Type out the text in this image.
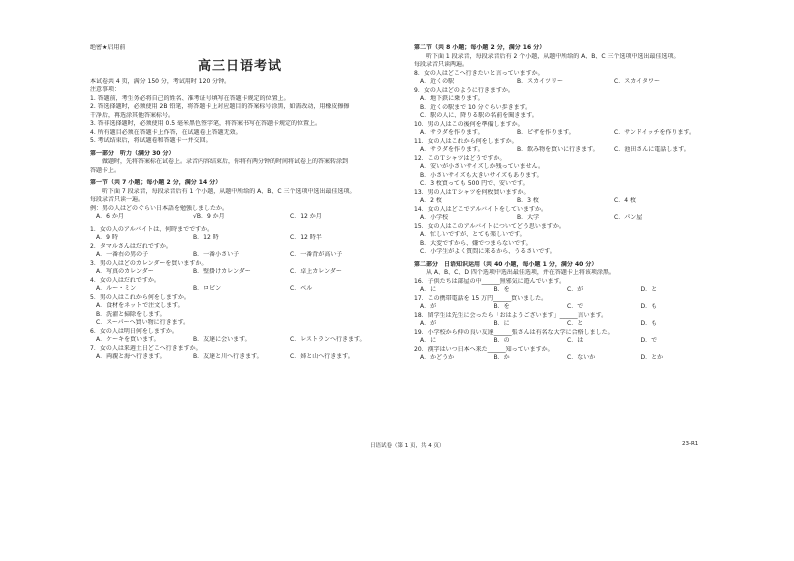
绝密★启用前
高三日语考试
本试卷共 4 页，满分 150 分，考试用时 120 分钟。
注意事项：
1. 答题前，考生务必将自己的姓名、准考证号填写在答题卡规定的位置上。
2. 答选择题时，必须使用 2B 铅笔，将答题卡上对应题目的答案标号涂黑，如需改动，用橡皮擦擦
干净后，再选涂其他答案标号。
3. 答非选择题时，必须使用 0.5 毫米黑色签字笔，将答案书写在答题卡规定的位置上。
4. 所有题目必须在答题卡上作答，在试题卷上答题无效。
5. 考试结束后，将试题卷和答题卡一并交回。
第一部分　听力（满分 30 分）
　　做题时，先将答案标在试卷上。录音内容结束后，你将有两分钟的时间将试卷上的答案转涂到
答题卡上。
第一节（共 7 小题；每小题 2 分，满分 14 分）
　　听下面 7 段录音，每段录音后有 1 个小题，从题中所给的 A、B、C 三个选项中选出最佳选项。
每段录音只读一遍。
例：男の人はどのぐらい日本語を勉強しましたか。
A．6 か月	√B．9 か月	C．12 か月
1．女の人のアルバイトは、何時までですか。
A．9 時	B．12 時	C．12 時半
2．タマルさんはだれですか。
A．一番右の男の子	B．一番小さい子	C．一番背が高い子
3．男の人はどのカレンダーを買いますか。
A．写真のカレンダー	B．壁掛けカレンダー	C．卓上カレンダー
4．女の人はだれですか。
A．ルー・ミン	B．ロビン	C．ベル
5．男の人はこれから何をしますか。
A．食材をネットで注文します。
B．洗濯と掃除をします。
C．スーパーへ買い物に行きます。
6．女の人は明日何をしますか。
A．ケーキを買います。	B．友達に会います。	C．レストランへ行きます。
7．女の人は来週土日どこへ行きますか。
A．両親と海へ行きます。	B．友達と川へ行きます。	C．姉と山へ行きます。
第二节（共 8 小题；每小题 2 分，满分 16 分）
　　听下面 1 段录音，每段录音后有 2 个小题，从题中所给的 A、B、C 三个选项中选出最佳选项。
每段录音只读两遍。
8．女の人はどこへ行きたいと言っていますか。
A．近くの駅	B．スカイツリー	C．スカイタワー
9．女の人はどのように行きますか。
A．地下鉄に乗ります。
B．近くの駅まで 10 分ぐらい歩きます。
C．駅の人に、降りる駅の名前を聞きます。
10．男の人はこの後何を準備しますか。
A．サラダを作ります。	B．ピザを作ります。	C．サンドイッチを作ります。
11．女の人はこれから何をしますか。
A．サラダを作ります。	B．飲み物を買いに行きます。	C．池田さんに電話します。
12．このＴシャツはどうですか。
A．安いが小さいサイズしか残っていません。
B．小さいサイズも大きいサイズもあります。
C．3 枚買っても 500 円で、安いです。
13．男の人はＴシャツを何枚買いますか。
A．2 枚	B．3 枚	C．4 枚
14．女の人はどこでアルバイトをしていますか。
A．小学校	B．大学	C．パン屋
15．女の人はこのアルバイトについてどう思いますか。
A．忙しいですが、とても楽しいです。
B．大変ですから、嫌でつまらないです。
C．小学生がよく質問に来るから、うるさいです。
第二部分　日语知识运用（共 40 小题，每小题 1 分，满分 40 分）
　　从 A、B、C、D 四个选项中选出最佳选项，并在答题卡上将该项涂黑。
16．子供たちは部屋の中______無邪気に遊んでいます。
A．に	B．を	C．が	D．と
17．この携帯電話を 15 万円______買いました。
A．が	B．を	C．で	D．も
18．留学生は先生に会ったら「おはようございます」______言います。
A．が	B．に	C．と	D．も
19．小学校から仲の良い友達______張さんは有名な大学に合格しました。
A．に	B．の	C．は	D．で
20．漢字はいつ日本へ来た______知っていますか。
A．かどうか	B．か	C．ないか	D．とか
日语试卷（第 1 页，共 4 页）	23-R1
